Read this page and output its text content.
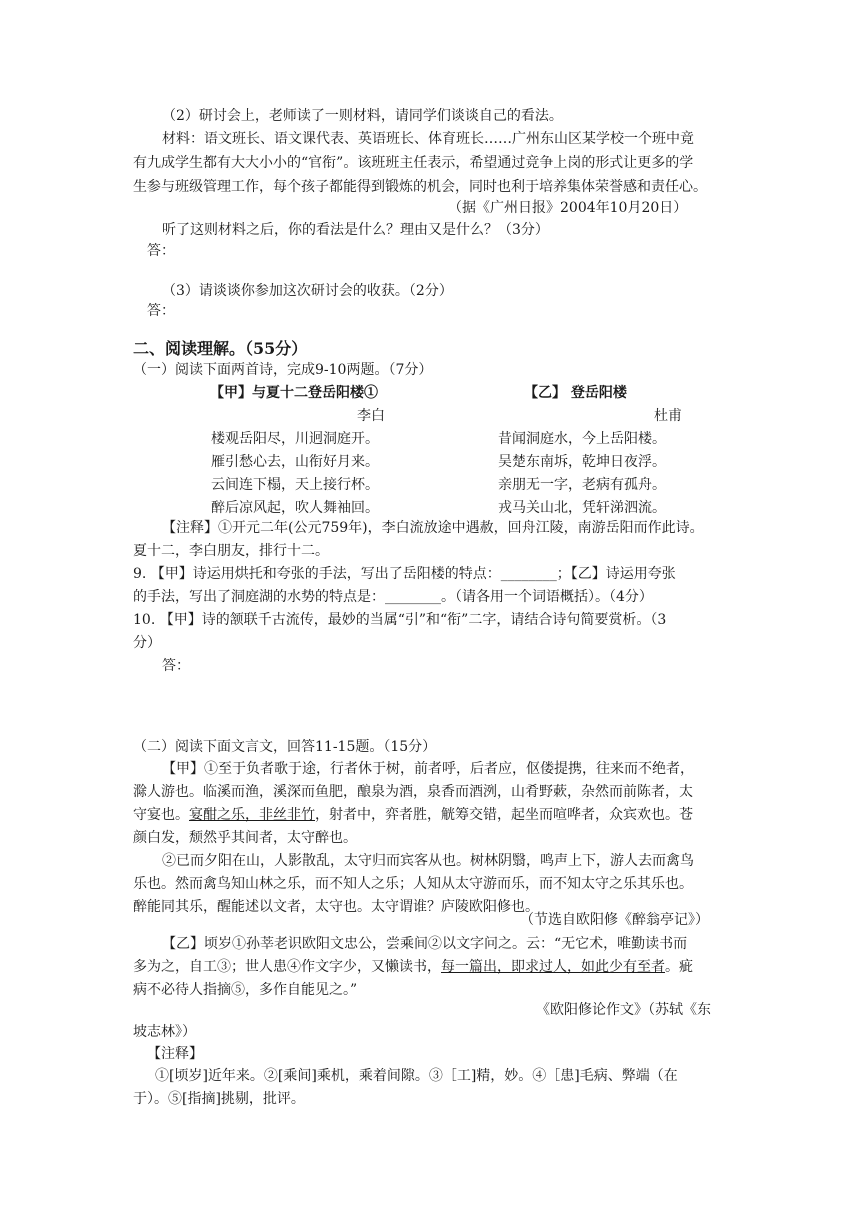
（2）研讨会上，老师读了一则材料，请同学们谈谈自己的看法。
材料：语文班长、语文课代表、英语班长、体育班长……广州东山区某学校一个班中竟
有九成学生都有大大小小的“官衔”。该班班主任表示，希望通过竞争上岗的形式让更多的学
生参与班级管理工作，每个孩子都能得到锻炼的机会，同时也利于培养集体荣誉感和责任心。
（据《广州日报》2004年10月20日）
听了这则材料之后，你的看法是什么？理由又是什么？（3分）
答：
（3）请谈谈你参加这次研讨会的收获。（2分）
答：
二、阅读理解。（55分）
（一）阅读下面两首诗，完成9-10两题。（7分）
【甲】与夏十二登岳阳楼①
李白
楼观岳阳尽，川迥洞庭开。
雁引愁心去，山衔好月来。
云间连下榻，天上接行杯。
醉后凉风起，吹人舞袖回。
【乙】 登岳阳楼
杜甫
昔闻洞庭水，今上岳阳楼。
吴楚东南坼，乾坤日夜浮。
亲朋无一字，老病有孤舟。
戎马关山北，凭轩涕泗流。
【注释】①开元二年(公元759年)，李白流放途中遇赦，回舟江陵，南游岳阳而作此诗。
夏十二，李白朋友，排行十二。
9. 【甲】诗运用烘托和夸张的手法，写出了岳阳楼的特点：________；【乙】诗运用夸张
的手法，写出了洞庭湖的水势的特点是：________。（请各用一个词语概括）。（4分）
10. 【甲】诗的颔联千古流传，最妙的当属“引”和“衔”二字，请结合诗句简要赏析。（3
分）
答：
（二）阅读下面文言文，回答11-15题。（15分）
【甲】①至于负者歌于途，行者休于树，前者呼，后者应，伛偻提携，往来而不绝者，
滁人游也。临溪而渔，溪深而鱼肥，酿泉为酒，泉香而酒洌，山肴野蔌，杂然而前陈者，太
守宴也。宴酣之乐，非丝非竹，射者中，弈者胜，觥筹交错，起坐而喧哗者，众宾欢也。苍
颜白发，颓然乎其间者，太守醉也。
②已而夕阳在山，人影散乱，太守归而宾客从也。树林阴翳，鸣声上下，游人去而禽鸟
乐也。然而禽鸟知山林之乐，而不知人之乐；人知从太守游而乐，而不知太守之乐其乐也。
醉能同其乐，醒能述以文者，太守也。太守谓谁？庐陵欧阳修也。
（节选自欧阳修《醉翁亭记》）
【乙】顷岁①孙莘老识欧阳文忠公，尝乘间②以文字问之。云：“无它术，唯勤读书而
多为之，自工③；世人患④作文字少，又懒读书，每一篇出，即求过人，如此少有至者。疵
病不必待人指摘⑤，多作自能见之。”
《欧阳修论作文》（苏轼《东
坡志林》）
【注释】
①[顷岁]近年来。②[乘间]乘机，乘着间隙。③［工]精，妙。④［患]毛病、弊端（在
于）。⑤[指摘]挑剔，批评。
